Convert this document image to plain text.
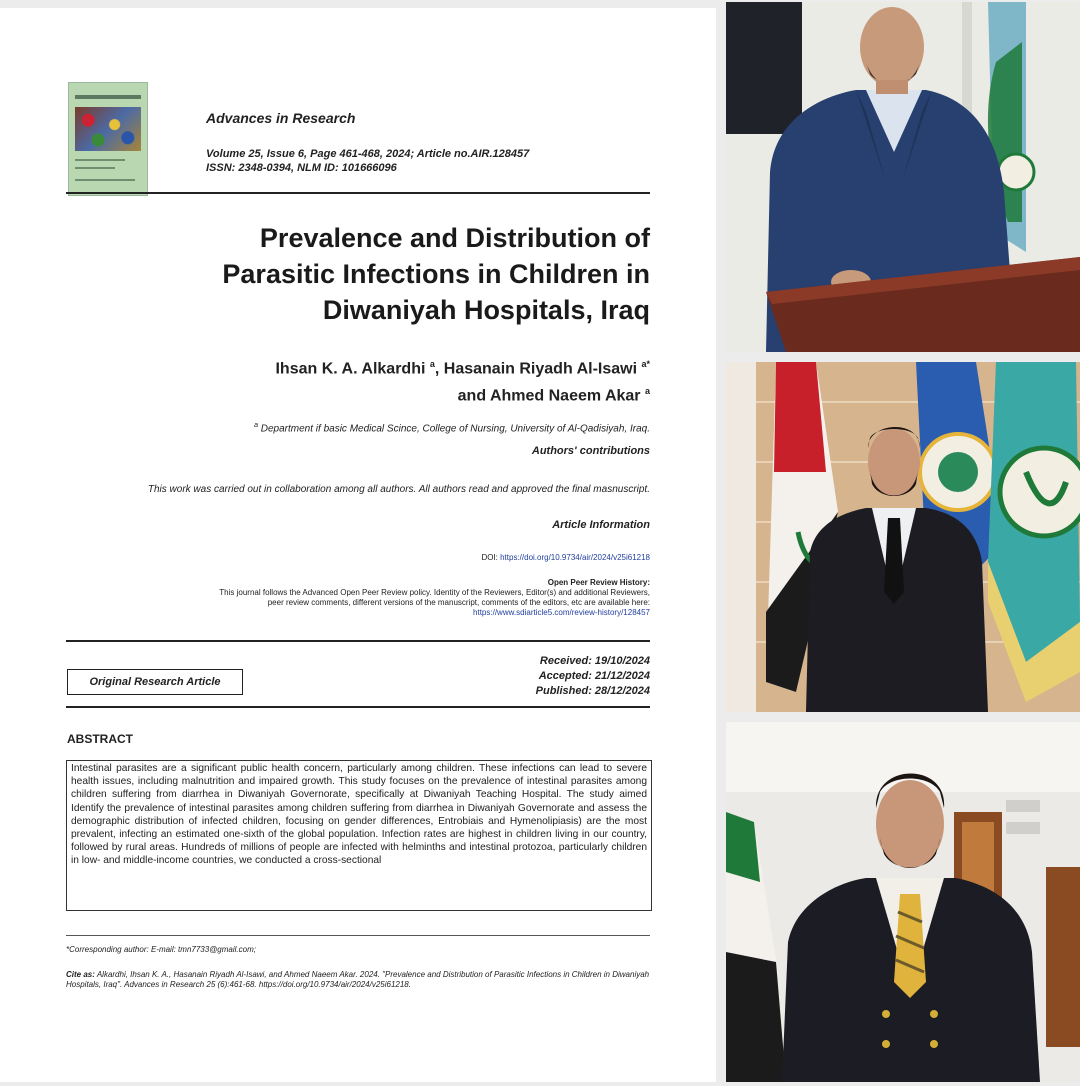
Advances in Research
Volume 25, Issue 6, Page 461-468, 2024; Article no.AIR.128457
ISSN: 2348-0394, NLM ID: 101666096
Prevalence and Distribution of
Parasitic Infections in Children in
Diwaniyah Hospitals, Iraq
Ihsan K. A. Alkardhi $^a$, Hasanain Riyadh Al-Isawi $^{a*}$
and Ahmed Naeem Akar $^a$
$^a$ Department if basic Medical Scince, College of Nursing, University of Al-Qadisiyah, Iraq.
Authors' contributions
This work was carried out in collaboration among all authors. All authors read and approved the final masnuscript.
Article Information
DOI: https://doi.org/10.9734/air/2024/v25i61218
Open Peer Review History:
This journal follows the Advanced Open Peer Review policy. Identity of the Reviewers, Editor(s) and additional Reviewers,
peer review comments, different versions of the manuscript, comments of the editors, etc are available here:
https://www.sdiarticle5.com/review-history/128457
Original Research Article
Received: 19/10/2024
Accepted: 21/12/2024
Published: 28/12/2024
ABSTRACT

Intestinal parasites are a significant public health concern, particularly among children. These infections can lead to severe health issues, including malnutrition and impaired growth. This study focuses on the prevalence of intestinal parasites among children suffering from diarrhea in Diwaniyah Governorate, specifically at Diwaniyah Teaching Hospital. The study aimed Identify the prevalence of intestinal parasites among children suffering from diarrhea in Diwaniyah Governorate and assess the demographic distribution of infected children, focusing on gender differences, Entrobiais and Hymenolipiasis) are the most prevalent, infecting an estimated one-sixth of the global population. Infection rates are highest in children living in our country, followed by rural areas. Hundreds of millions of people are infected with helminths and intestinal protozoa, particularly children in low- and middle-income countries, we conducted a cross-sectional

*Corresponding author: E-mail: tmn7733@gmail.com;
Cite as: Alkardhi, Ihsan K. A., Hasanain Riyadh Al-Isawi, and Ahmed Naeem Akar. 2024. "Prevalence and Distribution of Parasitic Infections in Children in Diwaniyah Hospitals, Iraq". Advances in Research 25 (6):461-68. https://doi.org/10.9734/air/2024/v25i61218.
